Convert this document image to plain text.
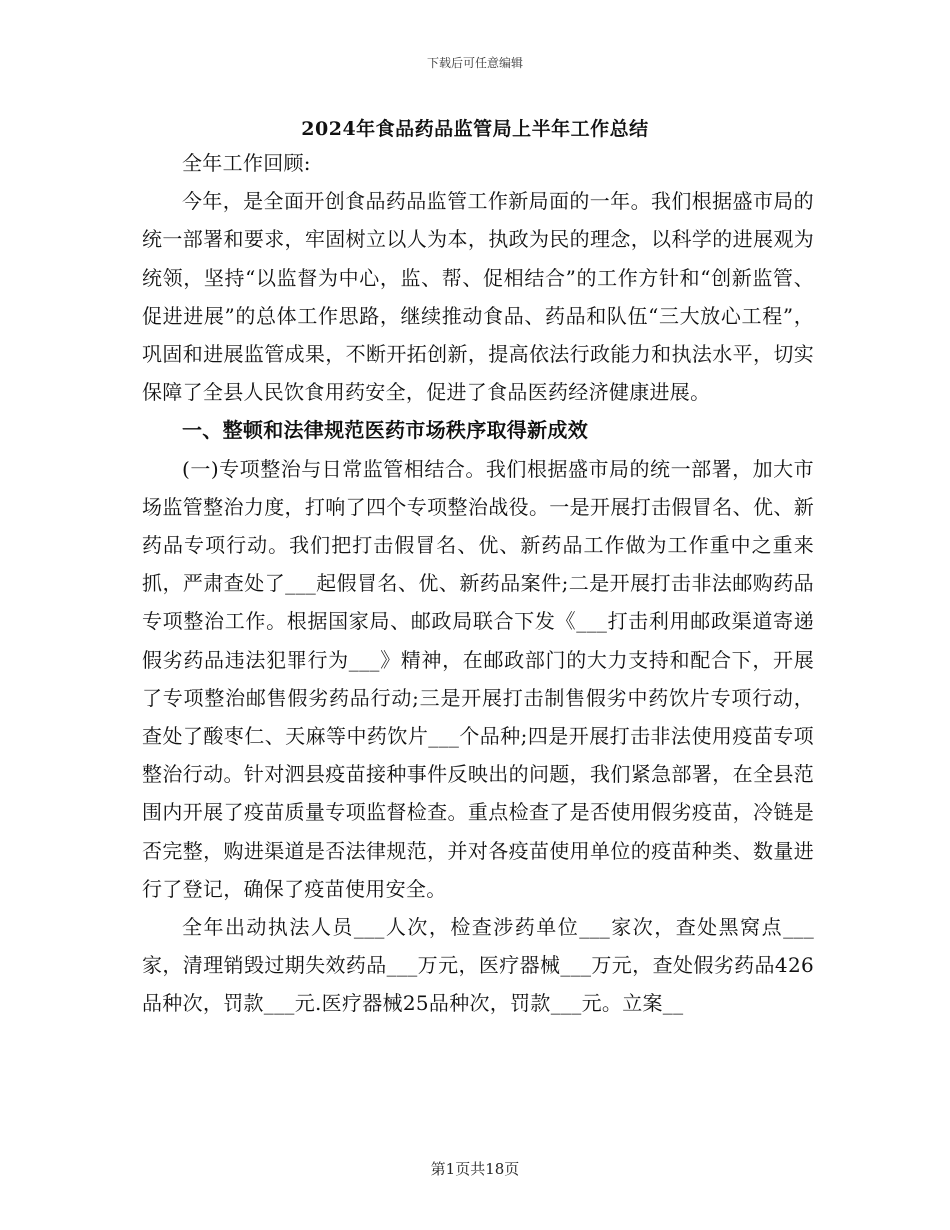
下载后可任意编辑
2024年食品药品监管局上半年工作总结

全年工作回顾:

今年，是全面开创食品药品监管工作新局面的一年。我们根据盛市局的统一部署和要求，牢固树立以人为本，执政为民的理念，以科学的进展观为统领，坚持“以监督为中心，监、帮、促相结合”的工作方针和“创新监管、促进进展”的总体工作思路，继续推动食品、药品和队伍“三大放心工程”，巩固和进展监管成果，不断开拓创新，提高依法行政能力和执法水平，切实保障了全县人民饮食用药安全，促进了食品医药经济健康进展。

一、整顿和法律规范医药市场秩序取得新成效

(一)专项整治与日常监管相结合。我们根据盛市局的统一部署，加大市场监管整治力度，打响了四个专项整治战役。一是开展打击假冒名、优、新药品专项行动。我们把打击假冒名、优、新药品工作做为工作重中之重来抓，严肃查处了___起假冒名、优、新药品案件;二是开展打击非法邮购药品专项整治工作。根据国家局、邮政局联合下发《___打击利用邮政渠道寄递假劣药品违法犯罪行为___》精神，在邮政部门的大力支持和配合下，开展了专项整治邮售假劣药品行动;三是开展打击制售假劣中药饮片专项行动，查处了酸枣仁、天麻等中药饮片___个品种;四是开展打击非法使用疫苗专项整治行动。针对泗县疫苗接种事件反映出的问题，我们紧急部署，在全县范围内开展了疫苗质量专项监督检查。重点检查了是否使用假劣疫苗，冷链是否完整，购进渠道是否法律规范，并对各疫苗使用单位的疫苗种类、数量进行了登记，确保了疫苗使用安全。

全年出动执法人员___人次，检查涉药单位___家次，查处黑窝点___家，清理销毁过期失效药品___万元，医疗器械___万元，查处假劣药品426品种次，罚款___元.医疗器械25品种次，罚款___元。立案__

第1页共18页
